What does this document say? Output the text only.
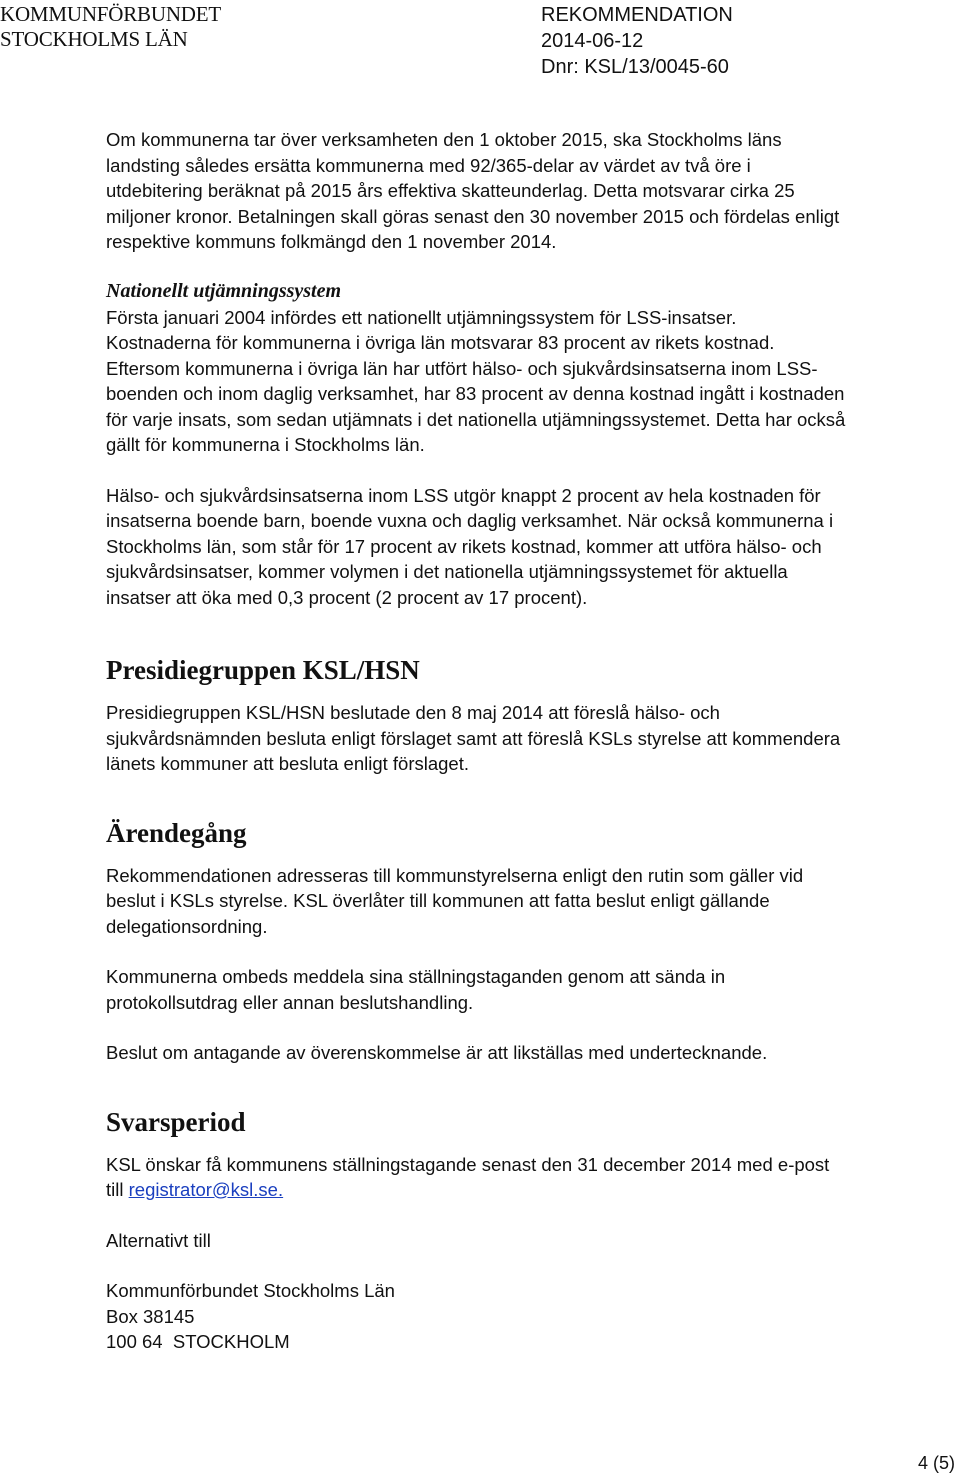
KOMMUNFÖRBUNDET
STOCKHOLMS LÄN
REKOMMENDATION
2014-06-12
Dnr: KSL/13/0045-60

Om kommunerna tar över verksamheten den 1 oktober 2015, ska Stockholms läns landsting således ersätta kommunerna med 92/365-delar av värdet av två öre i utdebitering beräknat på 2015 års effektiva skatteunderlag. Detta motsvarar cirka 25 miljoner kronor. Betalningen skall göras senast den 30 november 2015 och fördelas enligt respektive kommuns folkmängd den 1 november 2014.

Nationellt utjämningssystem

Första januari 2004 infördes ett nationellt utjämningssystem för LSS-insatser. Kostnaderna för kommunerna i övriga län motsvarar 83 procent av rikets kostnad. Eftersom kommunerna i övriga län har utfört hälso- och sjukvårdsinsatserna inom LSS-boenden och inom daglig verksamhet, har 83 procent av denna kostnad ingått i kostnaden för varje insats, som sedan utjämnats i det nationella utjämningssystemet. Detta har också gällt för kommunerna i Stockholms län.

Hälso- och sjukvårdsinsatserna inom LSS utgör knappt 2 procent av hela kostnaden för insatserna boende barn, boende vuxna och daglig verksamhet. När också kommunerna i Stockholms län, som står för 17 procent av rikets kostnad, kommer att utföra hälso- och sjukvårdsinsatser, kommer volymen i det nationella utjämningssystemet för aktuella insatser att öka med 0,3 procent (2 procent av 17 procent).

Presidiegruppen KSL/HSN

Presidiegruppen KSL/HSN beslutade den 8 maj 2014 att föreslå hälso- och sjukvårdsnämnden besluta enligt förslaget samt att föreslå KSLs styrelse att kommendera länets kommuner att besluta enligt förslaget.

Ärendegång

Rekommendationen adresseras till kommunstyrelserna enligt den rutin som gäller vid beslut i KSLs styrelse. KSL överlåter till kommunen att fatta beslut enligt gällande delegationsordning.

Kommunerna ombeds meddela sina ställningstaganden genom att sända in protokollsutdrag eller annan beslutshandling.

Beslut om antagande av överenskommelse är att likställas med undertecknande.

Svarsperiod

KSL önskar få kommunens ställningstagande senast den 31 december 2014 med e-post till registrator@ksl.se.

Alternativt till

Kommunförbundet Stockholms Län

Box 38145

100 64  STOCKHOLM

4 (5)
